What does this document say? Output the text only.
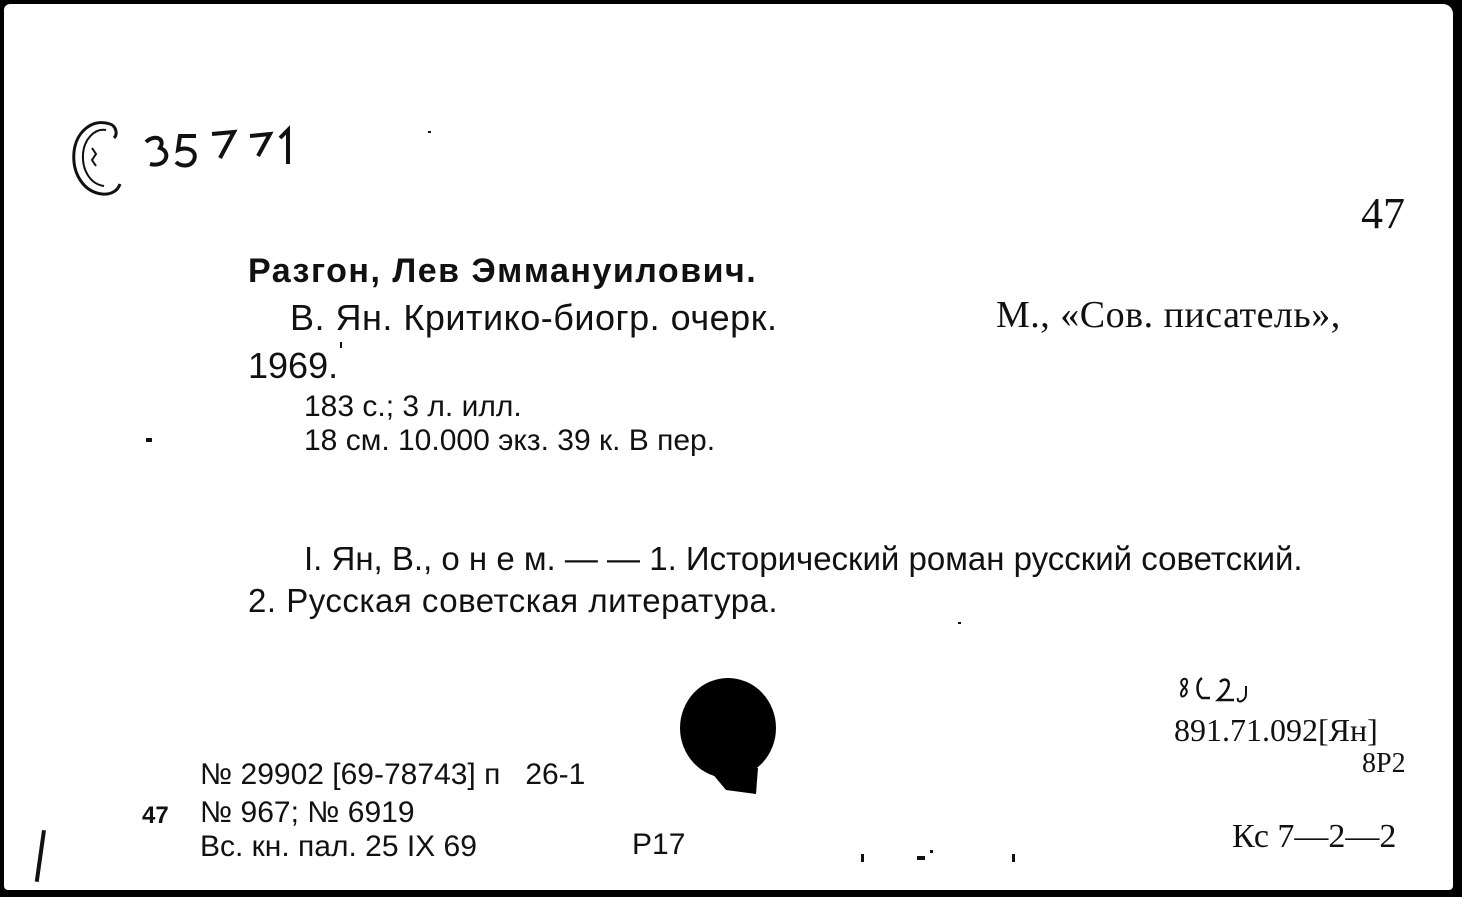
47
Разгон, Лев Эммануилович.
В. Ян. Критико-биогр. очерк.	М., «Сов. писатель»,
1969.
183 с.; 3 л. илл.
18 см. 10.000 экз. 39 к. В пер.
I. Ян, В., о н е м. — — 1. Исторический роман русский советский.
2. Русская советская литература.
891.71.092[Ян]
8Р2
№ 29902 [69-78743] п   26-1
47 № 967; № 6919
Вс. кн. пал. 25 IX 69	Р17	Кс 7—2—2
